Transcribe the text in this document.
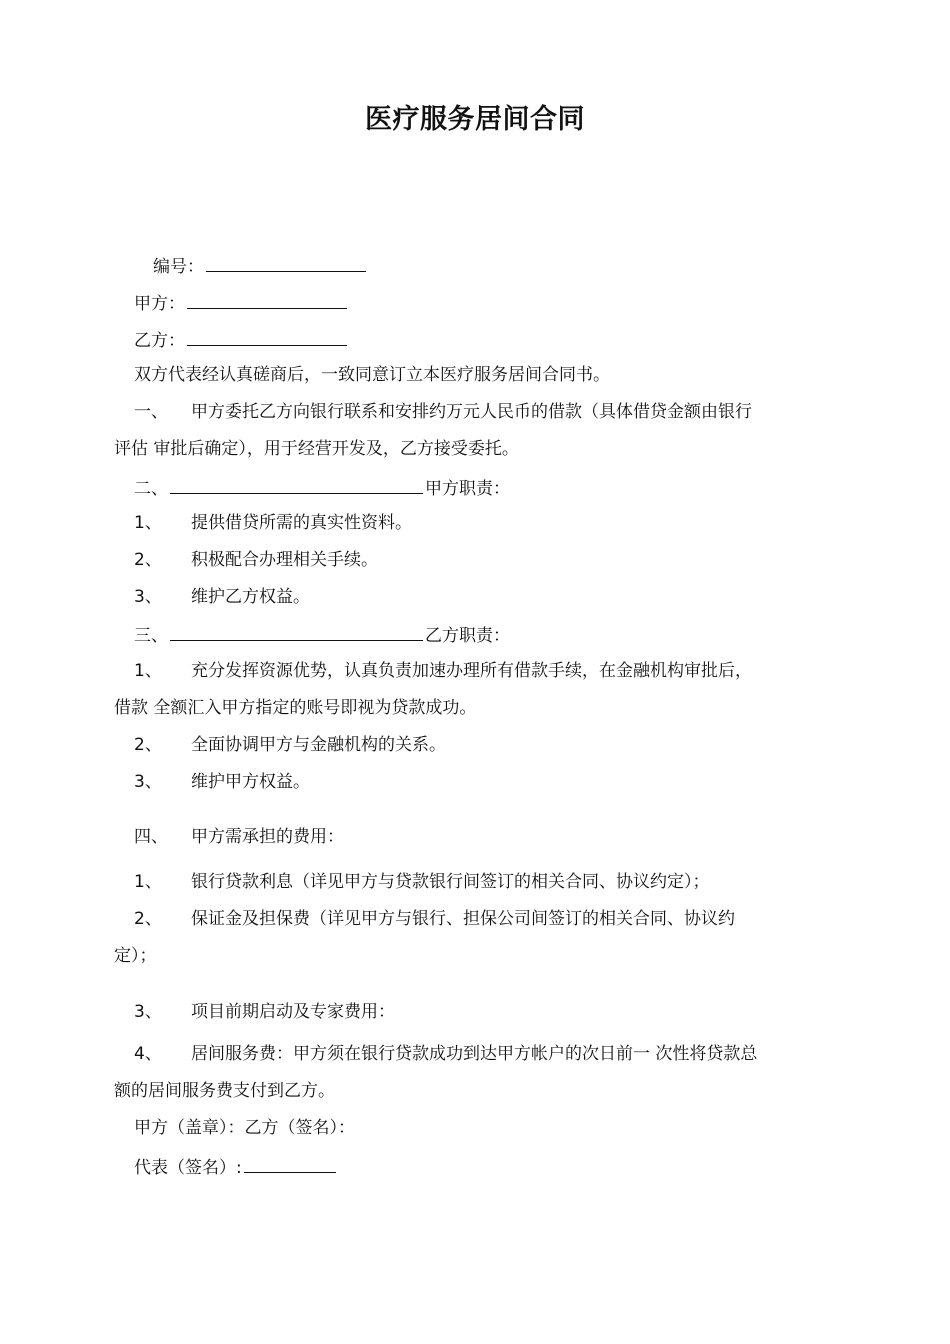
医疗服务居间合同
编号：
甲方：
乙方：
双方代表经认真磋商后，一致同意订立本医疗服务居间合同书。
一、 甲方委托乙方向银行联系和安排约万元人民币的借款（具体借贷金额由银行
评估 审批后确定），用于经营开发及，乙方接受委托。
二、	甲方职责：
1、 提供借贷所需的真实性资料。
2、 积极配合办理相关手续。
3、 维护乙方权益。
三、	乙方职责：
1、 充分发挥资源优势，认真负责加速办理所有借款手续，在金融机构审批后，
借款 全额汇入甲方指定的账号即视为贷款成功。
2、 全面协调甲方与金融机构的关系。
3、 维护甲方权益。
四、 甲方需承担的费用：
1、 银行贷款利息（详见甲方与贷款银行间签订的相关合同、协议约定）；
2、 保证金及担保费（详见甲方与银行、担保公司间签订的相关合同、协议约
定）；
3、 项目前期启动及专家费用：
4、 居间服务费：甲方须在银行贷款成功到达甲方帐户的次日前一 次性将贷款总
额的居间服务费支付到乙方。
甲方（盖章）：乙方（签名）：
代表（签名）:
